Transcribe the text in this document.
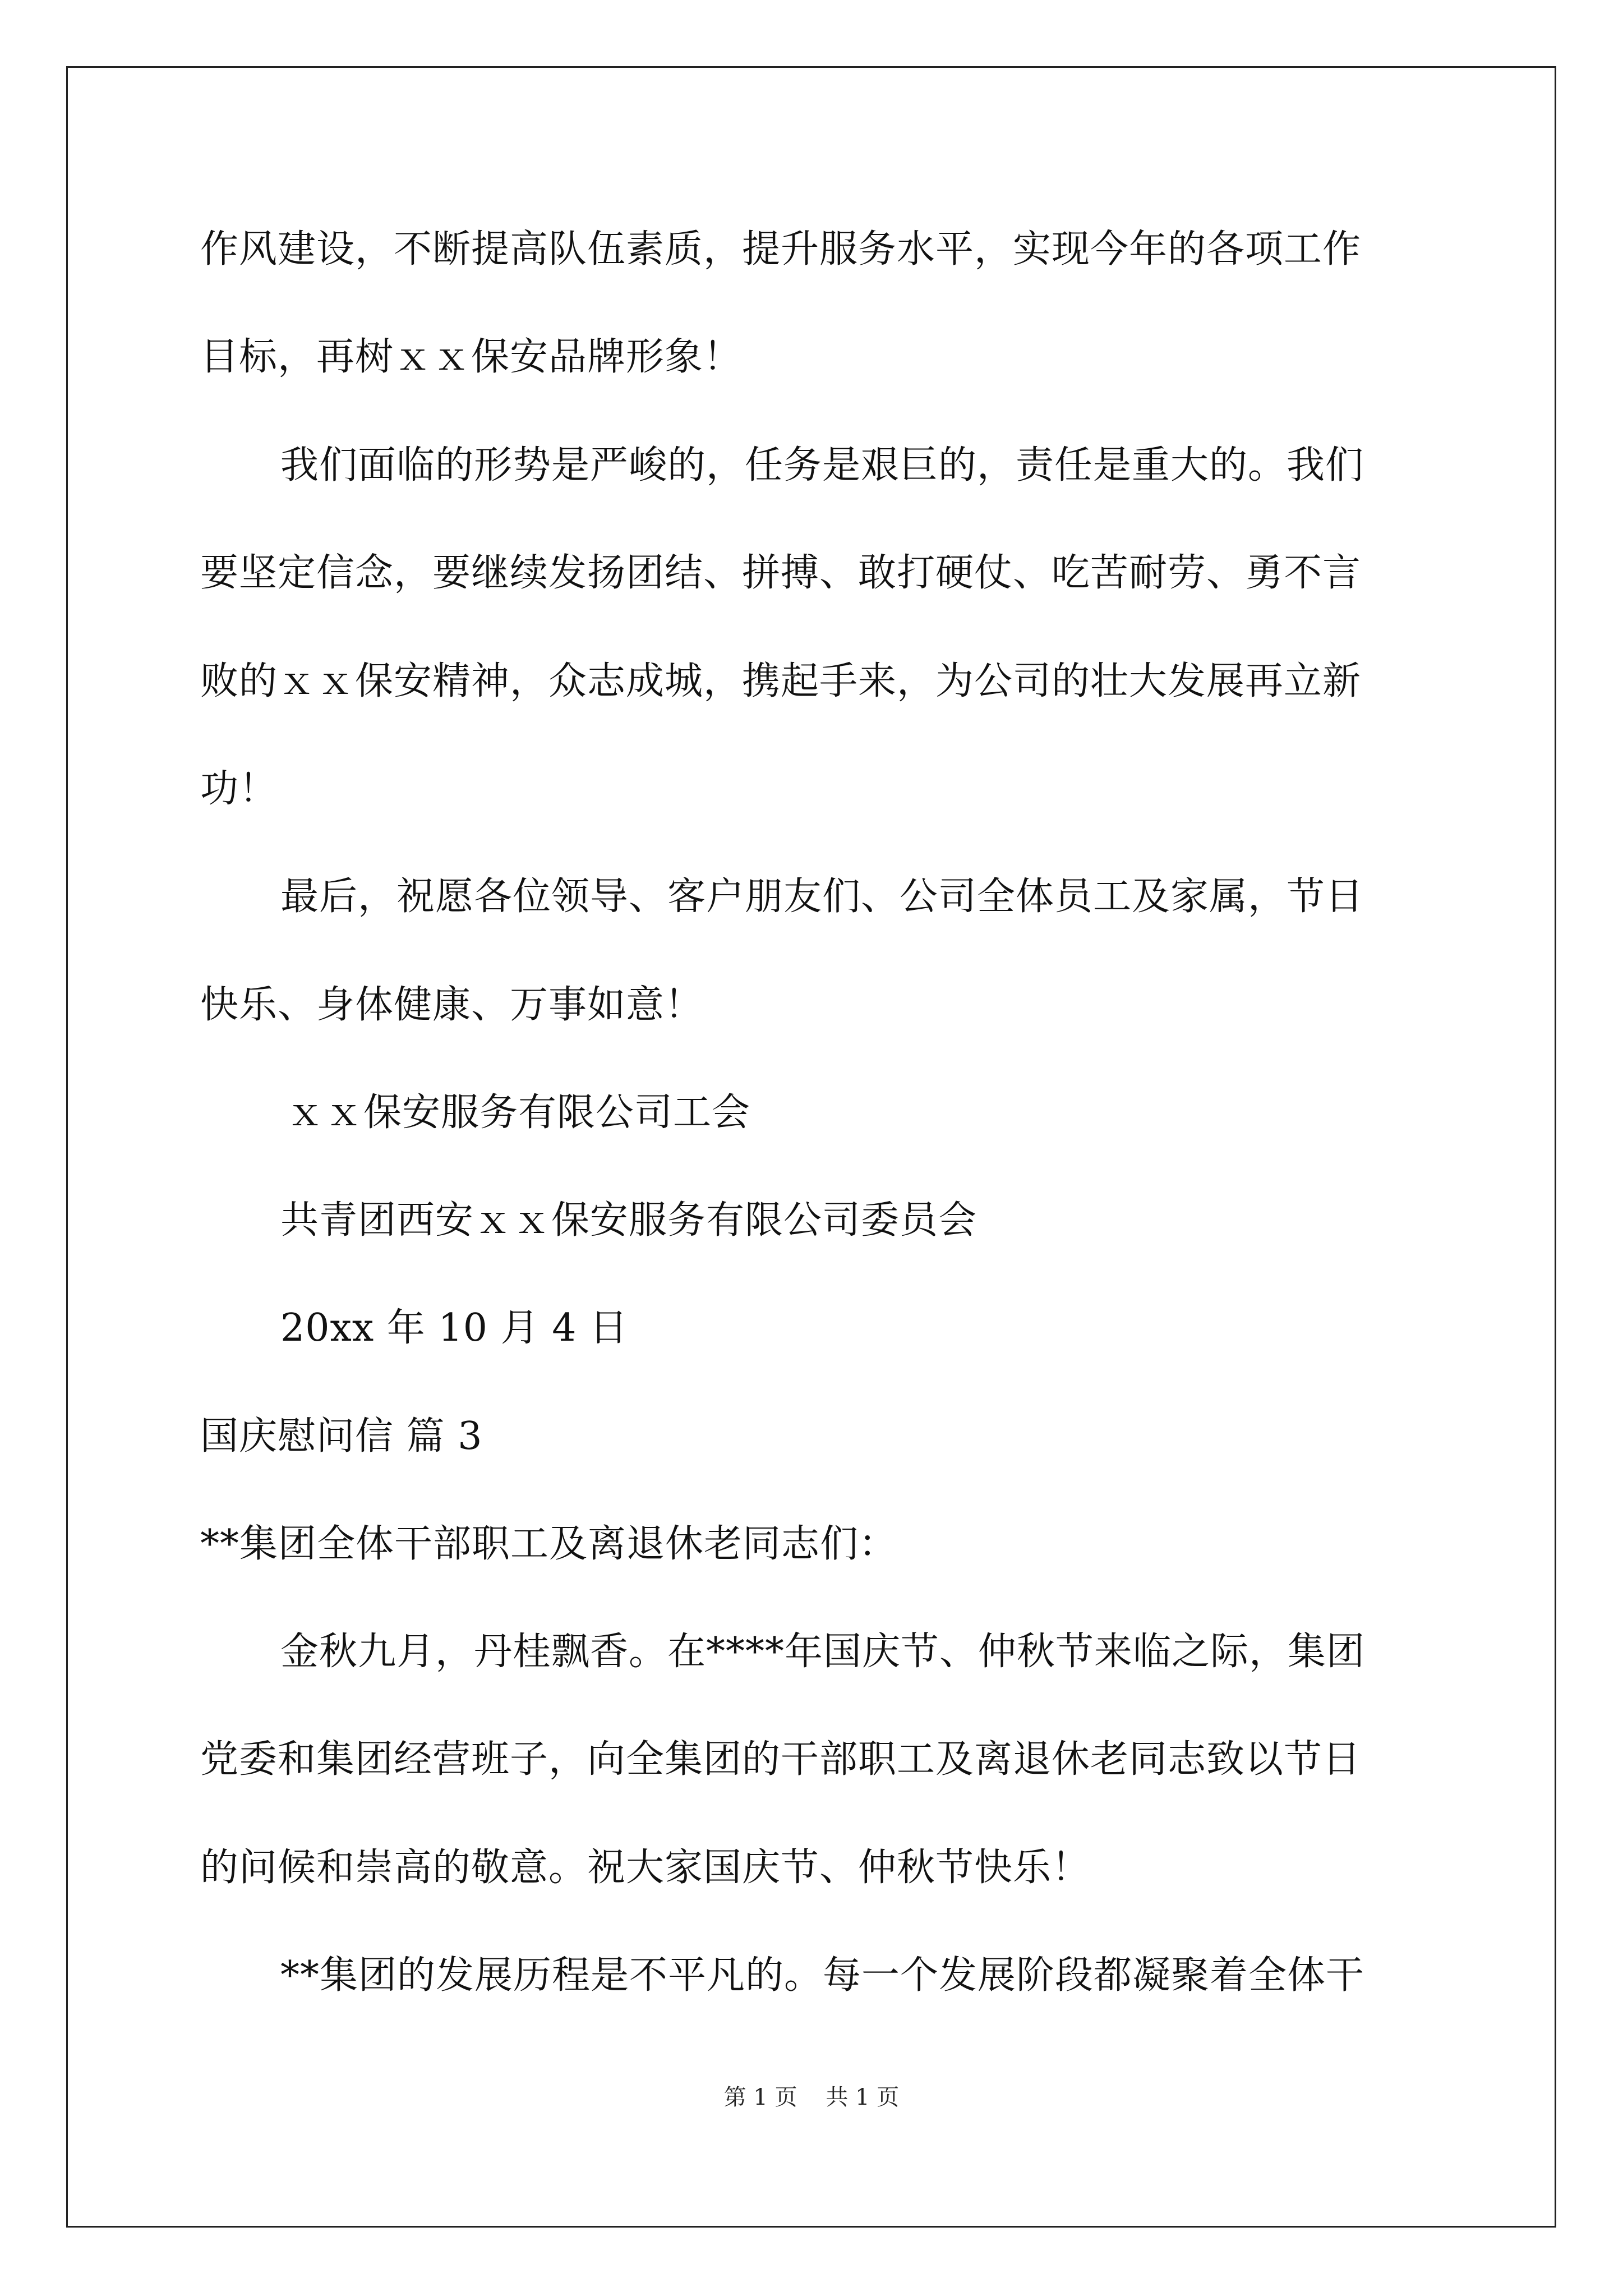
作风建设，不断提高队伍素质，提升服务水平，实现今年的各项工作
目标，再树ｘｘ保安品牌形象！
我们面临的形势是严峻的，任务是艰巨的，责任是重大的。我们
要坚定信念，要继续发扬团结、拼搏、敢打硬仗、吃苦耐劳、勇不言
败的ｘｘ保安精神，众志成城，携起手来，为公司的壮大发展再立新
功！
最后，祝愿各位领导、客户朋友们、公司全体员工及家属，节日
快乐、身体健康、万事如意！
ｘｘ保安服务有限公司工会
共青团西安ｘｘ保安服务有限公司委员会
20xx 年 10 月 4 日
国庆慰问信 篇 3
**集团全体干部职工及离退休老同志们：
金秋九月，丹桂飘香。在****年国庆节、仲秋节来临之际，集团
党委和集团经营班子，向全集团的干部职工及离退休老同志致以节日
的问候和崇高的敬意。祝大家国庆节、仲秋节快乐！
**集团的发展历程是不平凡的。每一个发展阶段都凝聚着全体干
第 1 页    共 1 页
